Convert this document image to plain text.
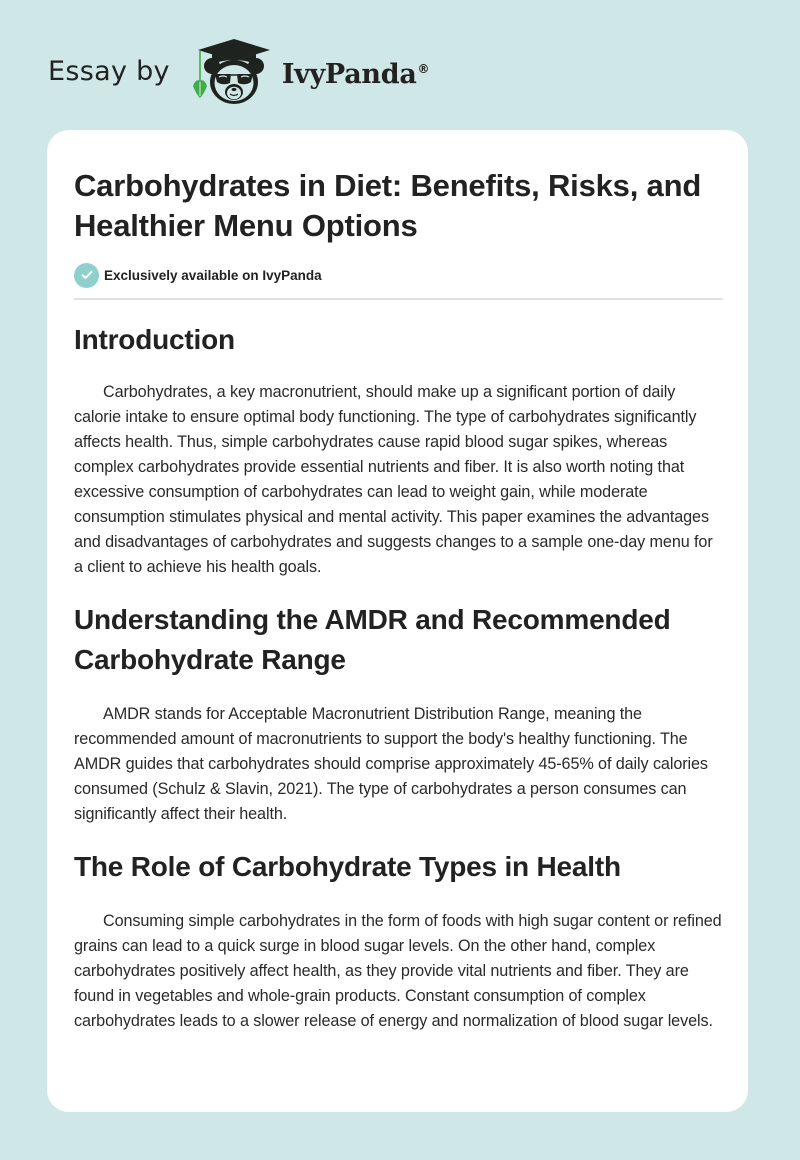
Essay by	IvyPanda®
Carbohydrates in Diet: Benefits, Risks, and Healthier Menu Options
Exclusively available on IvyPanda
Introduction

Carbohydrates, a key macronutrient, should make up a significant portion of daily calorie intake to ensure optimal body functioning. The type of carbohydrates significantly affects health. Thus, simple carbohydrates cause rapid blood sugar spikes, whereas complex carbohydrates provide essential nutrients and fiber. It is also worth noting that excessive consumption of carbohydrates can lead to weight gain, while moderate consumption stimulates physical and mental activity. This paper examines the advantages and disadvantages of carbohydrates and suggests changes to a sample one-day menu for a client to achieve his health goals.

Understanding the AMDR and Recommended Carbohydrate Range

AMDR stands for Acceptable Macronutrient Distribution Range, meaning the recommended amount of macronutrients to support the body's healthy functioning. The AMDR guides that carbohydrates should comprise approximately 45-65% of daily calories consumed (Schulz & Slavin, 2021). The type of carbohydrates a person consumes can significantly affect their health.

The Role of Carbohydrate Types in Health

Consuming simple carbohydrates in the form of foods with high sugar content or refined grains can lead to a quick surge in blood sugar levels. On the other hand, complex carbohydrates positively affect health, as they provide vital nutrients and fiber. They are found in vegetables and whole-grain products. Constant consumption of complex carbohydrates leads to a slower release of energy and normalization of blood sugar levels.
